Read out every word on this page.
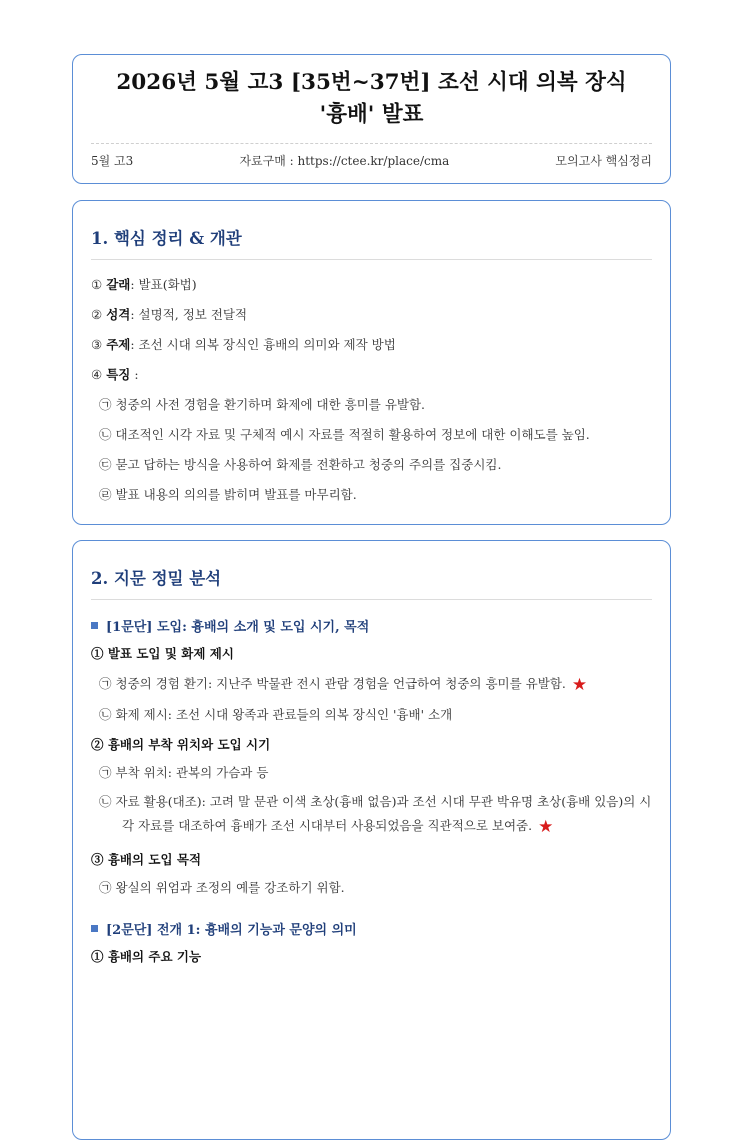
2026년 5월 고3 [35번~37번] 조선 시대 의복 장식
'흉배' 발표
5월 고3	자료구매 : https://ctee.kr/place/cma	모의고사 핵심정리
1. 핵심 정리 & 개관
① 갈래: 발표(화법)
② 성격: 설명적, 정보 전달적
③ 주제: 조선 시대 의복 장식인 흉배의 의미와 제작 방법
④ 특징 :
㉠ 청중의 사전 경험을 환기하며 화제에 대한 흥미를 유발함.
㉡ 대조적인 시각 자료 및 구체적 예시 자료를 적절히 활용하여 정보에 대한 이해도를 높임.
㉢ 묻고 답하는 방식을 사용하여 화제를 전환하고 청중의 주의를 집중시킴.
㉣ 발표 내용의 의의를 밝히며 발표를 마무리함.
2. 지문 정밀 분석
[1문단] 도입: 흉배의 소개 및 도입 시기, 목적
① 발표 도입 및 화제 제시
㉠ 청중의 경험 환기: 지난주 박물관 전시 관람 경험을 언급하여 청중의 흥미를 유발함. ★
㉡ 화제 제시: 조선 시대 왕족과 관료들의 의복 장식인 '흉배' 소개
② 흉배의 부착 위치와 도입 시기
㉠ 부착 위치: 관복의 가슴과 등
㉡ 자료 활용(대조): 고려 말 문관 이색 초상(흉배 없음)과 조선 시대 무관 박유명 초상(흉배 있음)의 시각 자료를 대조하여 흉배가 조선 시대부터 사용되었음을 직관적으로 보여줌. ★
③ 흉배의 도입 목적
㉠ 왕실의 위엄과 조정의 예를 강조하기 위함.
[2문단] 전개 1: 흉배의 기능과 문양의 의미
① 흉배의 주요 기능
